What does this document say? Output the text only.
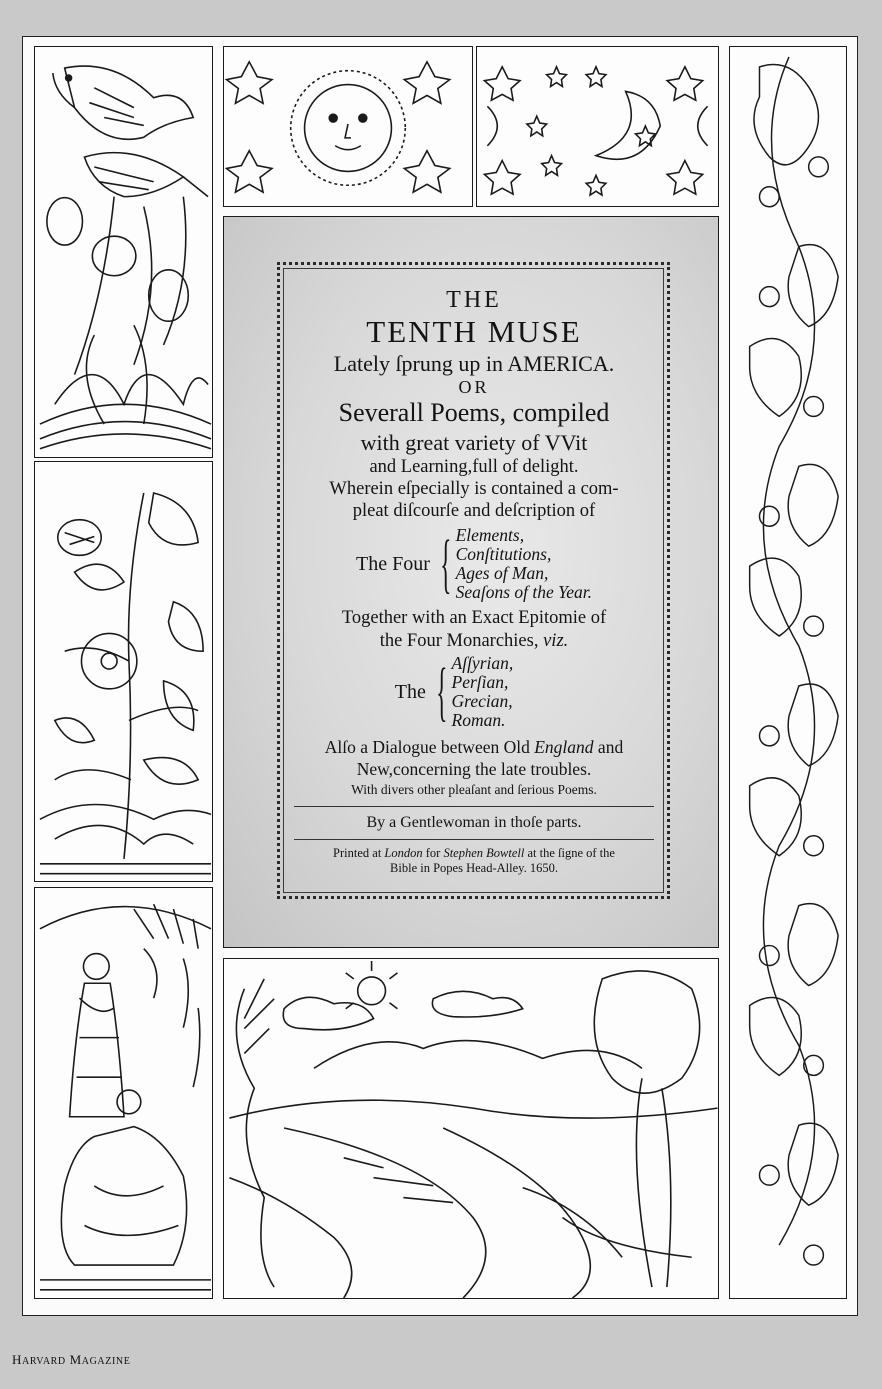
THE
TENTH MUSE
Lately ſprung up in AMERICA.
OR
Severall Poems, compiled
with great variety of VVit
and Learning,full of delight.
Wherein eſpecially is contained a com-
pleat diſcourſe and deſcription of
The Four { Elements,
Conſtitutions,
Ages of Man,
Seaſons of the Year.
Together with an Exact Epitomie of
the Four Monarchies, viz.
The { Aſſyrian,
Perſian,
Grecian,
Roman.
Alſo a Dialogue between Old England and
New,concerning the late troubles.
With divers other pleaſant and ſerious Poems.
By a Gentlewoman in thoſe parts.
Printed at London for Stephen Bowtell at the ſigne of the
Bible in Popes Head-Alley. 1650.
HARVARD MAGAZINE
